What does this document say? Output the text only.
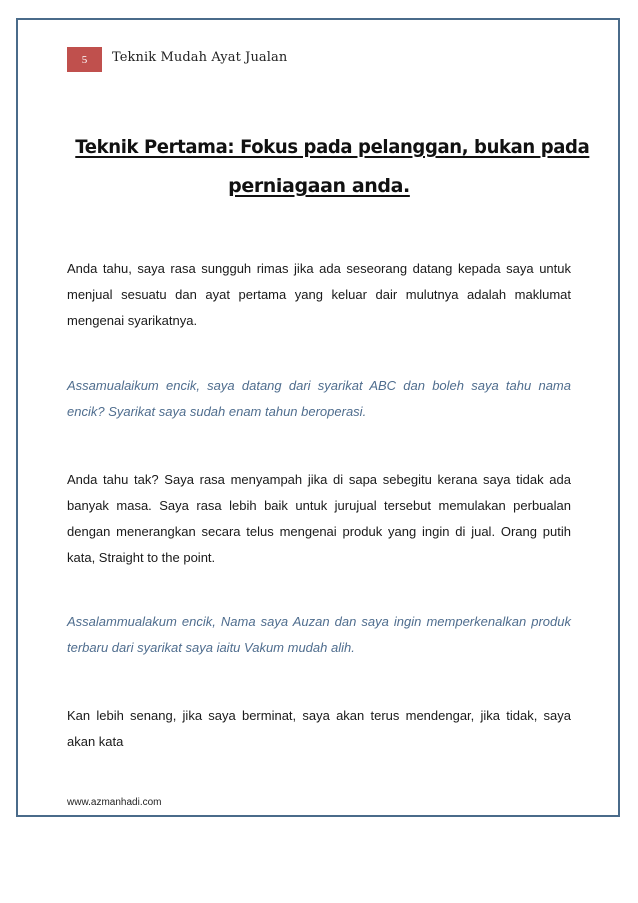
5	Teknik Mudah Ayat Jualan
Teknik Pertama: Fokus pada pelanggan, bukan pada
perniagaan anda.

Anda tahu, saya rasa sungguh rimas jika ada seseorang datang kepada saya untuk menjual sesuatu dan ayat pertama yang keluar dair mulutnya adalah maklumat mengenai syarikatnya.

Assamualaikum encik, saya datang dari syarikat ABC dan boleh saya tahu nama encik? Syarikat saya sudah enam tahun beroperasi.

Anda tahu tak? Saya rasa menyampah jika di sapa sebegitu kerana saya tidak ada banyak masa. Saya rasa lebih baik untuk jurujual tersebut memulakan perbualan dengan menerangkan secara telus mengenai produk yang ingin di jual. Orang putih kata, Straight to the point.

Assalammualakum encik, Nama saya Auzan dan saya ingin memperkenalkan produk terbaru dari syarikat saya iaitu Vakum mudah alih.

Kan lebih senang, jika saya berminat, saya akan terus mendengar, jika tidak, saya akan kata

www.azmanhadi.com
